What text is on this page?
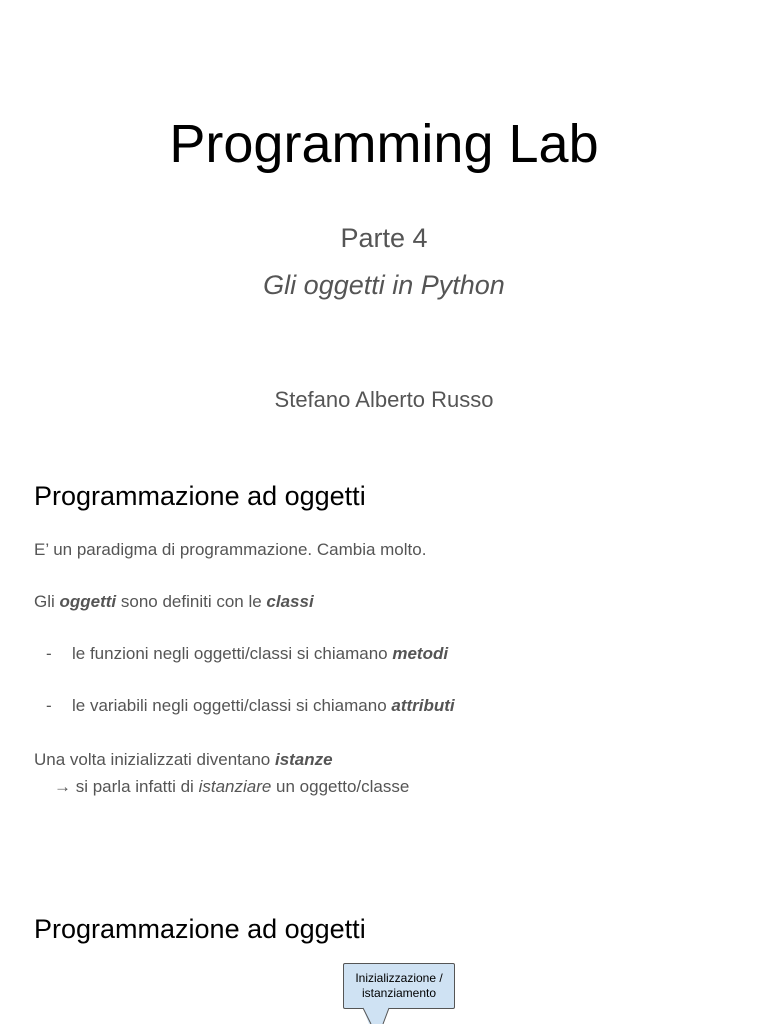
Programming Lab
Parte 4
Gli oggetti in Python
Stefano Alberto Russo
Programmazione ad oggetti
E’ un paradigma di programmazione. Cambia molto.
Gli oggetti sono definiti con le classi
- le funzioni negli oggetti/classi si chiamano metodi
- le variabili negli oggetti/classi si chiamano attributi
Una volta inizializzati diventano istanze
→ si parla infatti di istanziare un oggetto/classe
Programmazione ad oggetti
Inizializzazione /
istanziamento
